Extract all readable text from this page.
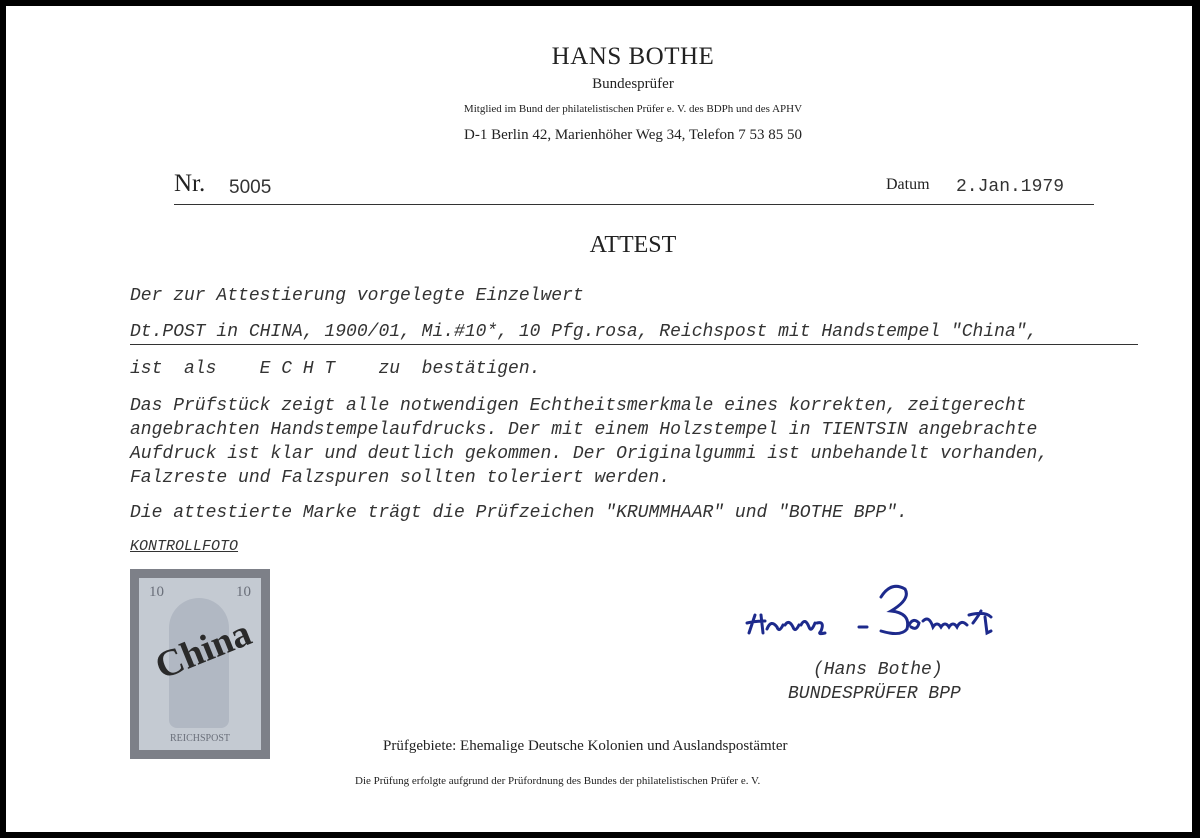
HANS BOTHE
Bundesprüfer
Mitglied im Bund der philatelistischen Prüfer e. V. des BDPh und des APHV
D-1 Berlin 42, Marienhöher Weg 34, Telefon 7 53 85 50
Nr. 5005	Datum 2.Jan.1979
ATTEST
Der zur Attestierung vorgelegte Einzelwert
Dt.POST in CHINA, 1900/01, Mi.#10*, 10 Pfg.rosa, Reichspost mit Handstempel "China",
ist  als    E C H T    zu  bestätigen.
Das Prüfstück zeigt alle notwendigen Echtheitsmerkmale eines korrekten, zeitgerecht
angebrachten Handstempelaufdrucks. Der mit einem Holzstempel in TIENTSIN angebrachte
Aufdruck ist klar und deutlich gekommen. Der Originalgummi ist unbehandelt vorhanden,
Falzreste und Falzspuren sollten toleriert werden.
Die attestierte Marke trägt die Prüfzeichen "KRUMMHAAR" und "BOTHE BPP".
KONTROLLFOTO
10	10
China
REICHSPOST
(Hans Bothe)
BUNDESPRÜFER BPP
Prüfgebiete: Ehemalige Deutsche Kolonien und Auslandspostämter
Die Prüfung erfolgte aufgrund der Prüfordnung des Bundes der philatelistischen Prüfer e. V.
